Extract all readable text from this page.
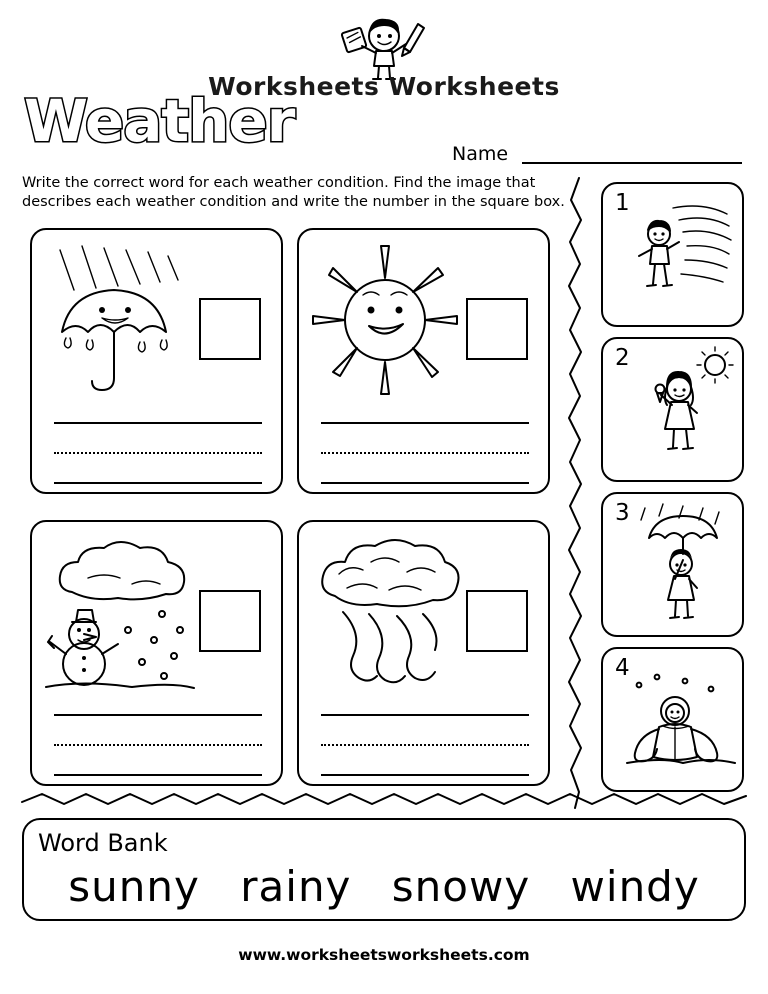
Worksheets Worksheets
Weather	Name
Write the correct word for each weather condition. Find the image that describes each weather condition and write the number in the square box.	1
2
3
4
Word Bank
sunny rainy snowy windy
www.worksheetsworksheets.com
